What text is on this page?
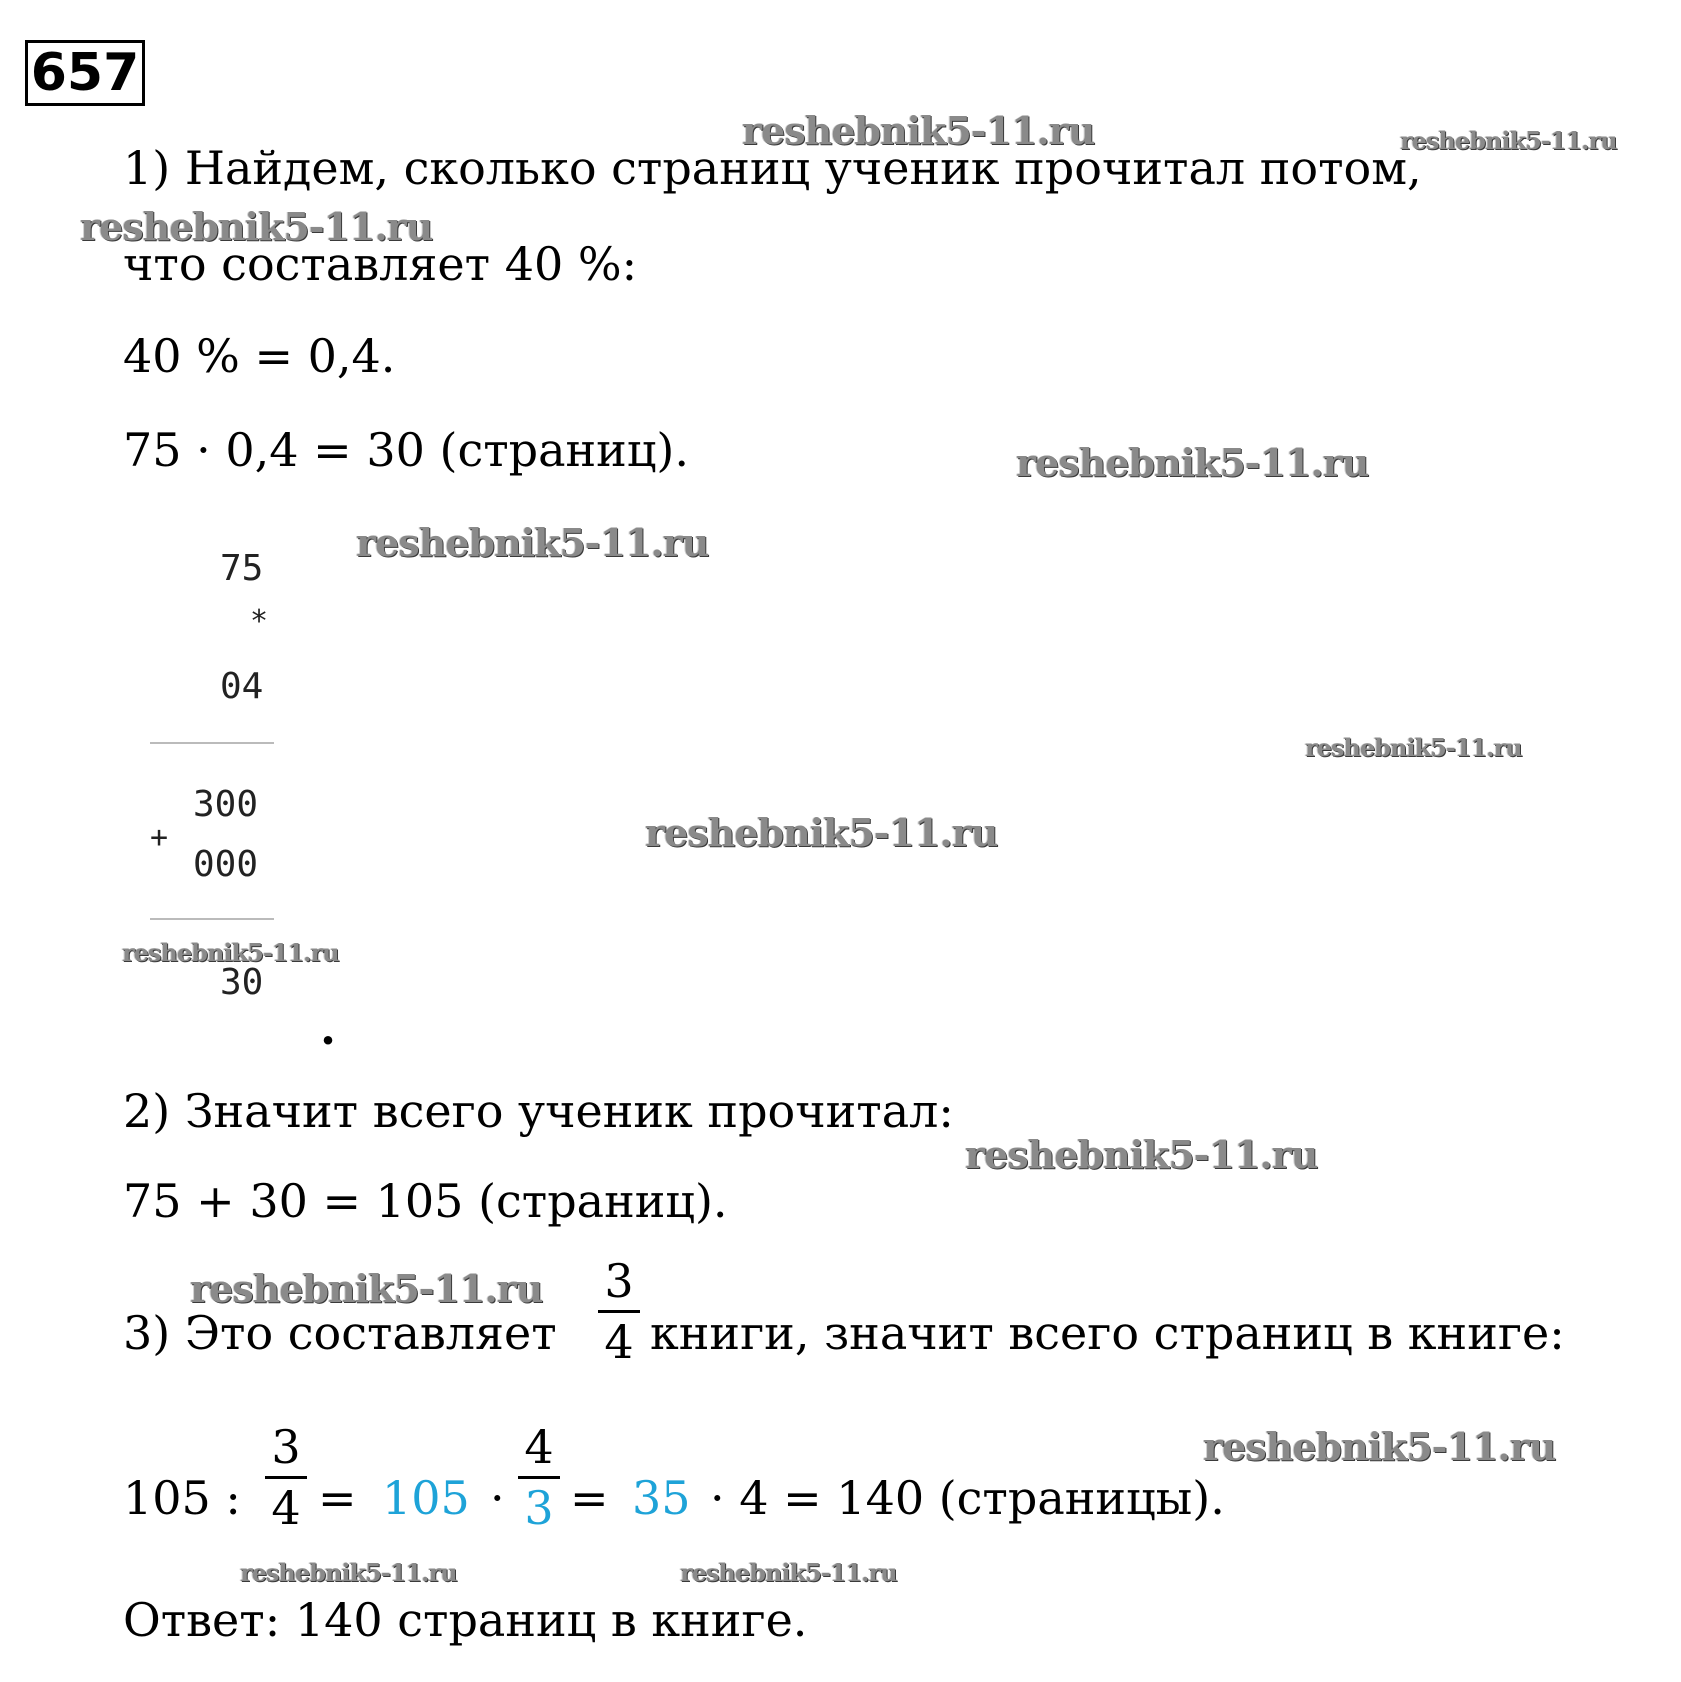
657
1) Найдем, сколько страниц ученик прочитал потом,
что составляет 40 %:
40 % = 0,4.
75 · 0,4 = 30 (страниц).
75
*
04
300
+
000
30
.
2) Значит всего ученик прочитал:
75 + 30 = 105 (страниц).
3) Это составляет
3
4 книги, значит всего страниц в книге:
105 :
3
4 = 105 ·
4
3 = 35 · 4 = 140 (страницы).
Ответ: 140 страниц в книге.
reshebnik5-11.ru	reshebnik5-11.ru
reshebnik5-11.ru
reshebnik5-11.ru
reshebnik5-11.ru
reshebnik5-11.ru
reshebnik5-11.ru
reshebnik5-11.ru
reshebnik5-11.ru
reshebnik5-11.ru
reshebnik5-11.ru
reshebnik5-11.ru	reshebnik5-11.ru
